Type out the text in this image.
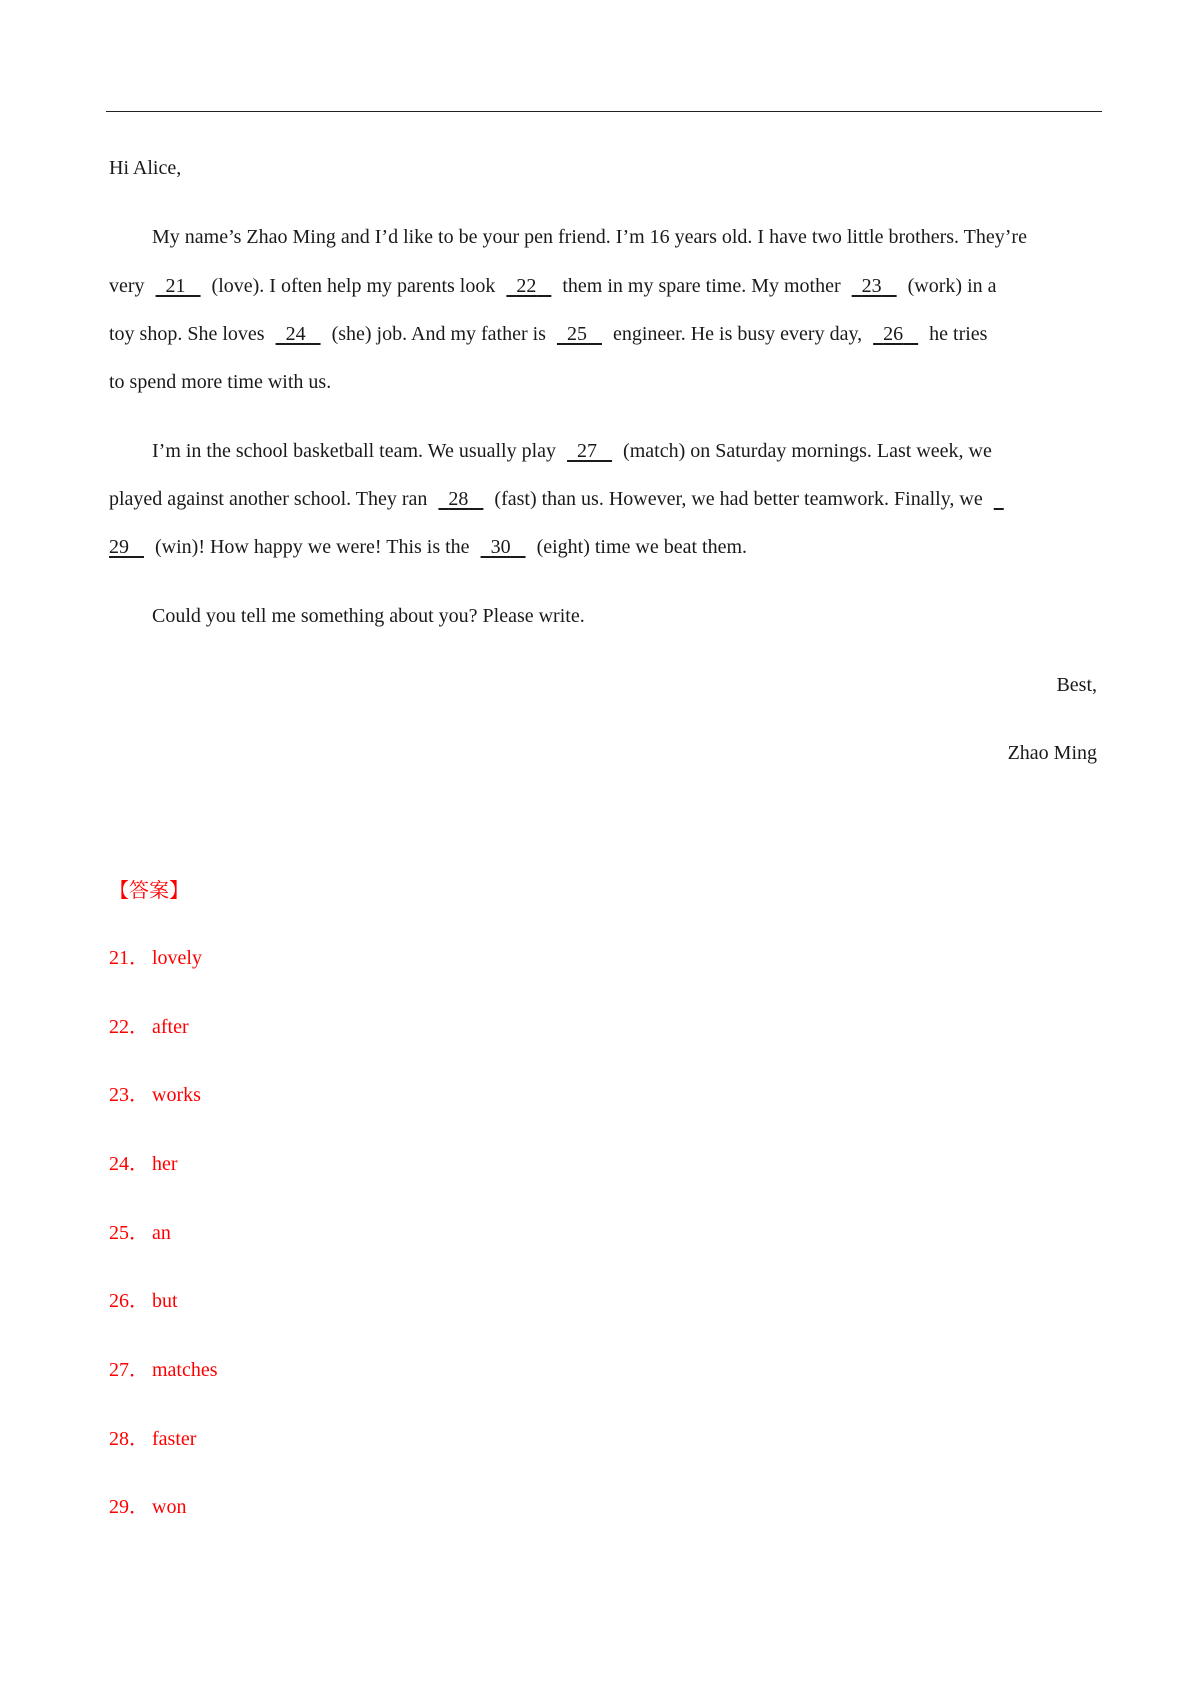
Hi Alice,
My name’s Zhao Ming and I’d like to be your pen friend. I’m 16 years old. I have two little brothers. They’re
very 21 (love). I often help my parents look 22 them in my spare time. My mother 23 (work) in a
toy shop. She loves 24 (she) job. And my father is 25 engineer. He is busy every day, 26 he tries
to spend more time with us.
I’m in the school basketball team. We usually play 27 (match) on Saturday mornings. Last week, we
played against another school. They ran 28 (fast) than us. However, we had better teamwork. Finally, we
29 (win)! How happy we were! This is the 30 (eight) time we beat them.
Could you tell me something about you? Please write.
Best,
Zhao Ming
【答案】
21． lovely
22． after
23． works
24． her
25． an
26． but
27． matches
28． faster
29． won
